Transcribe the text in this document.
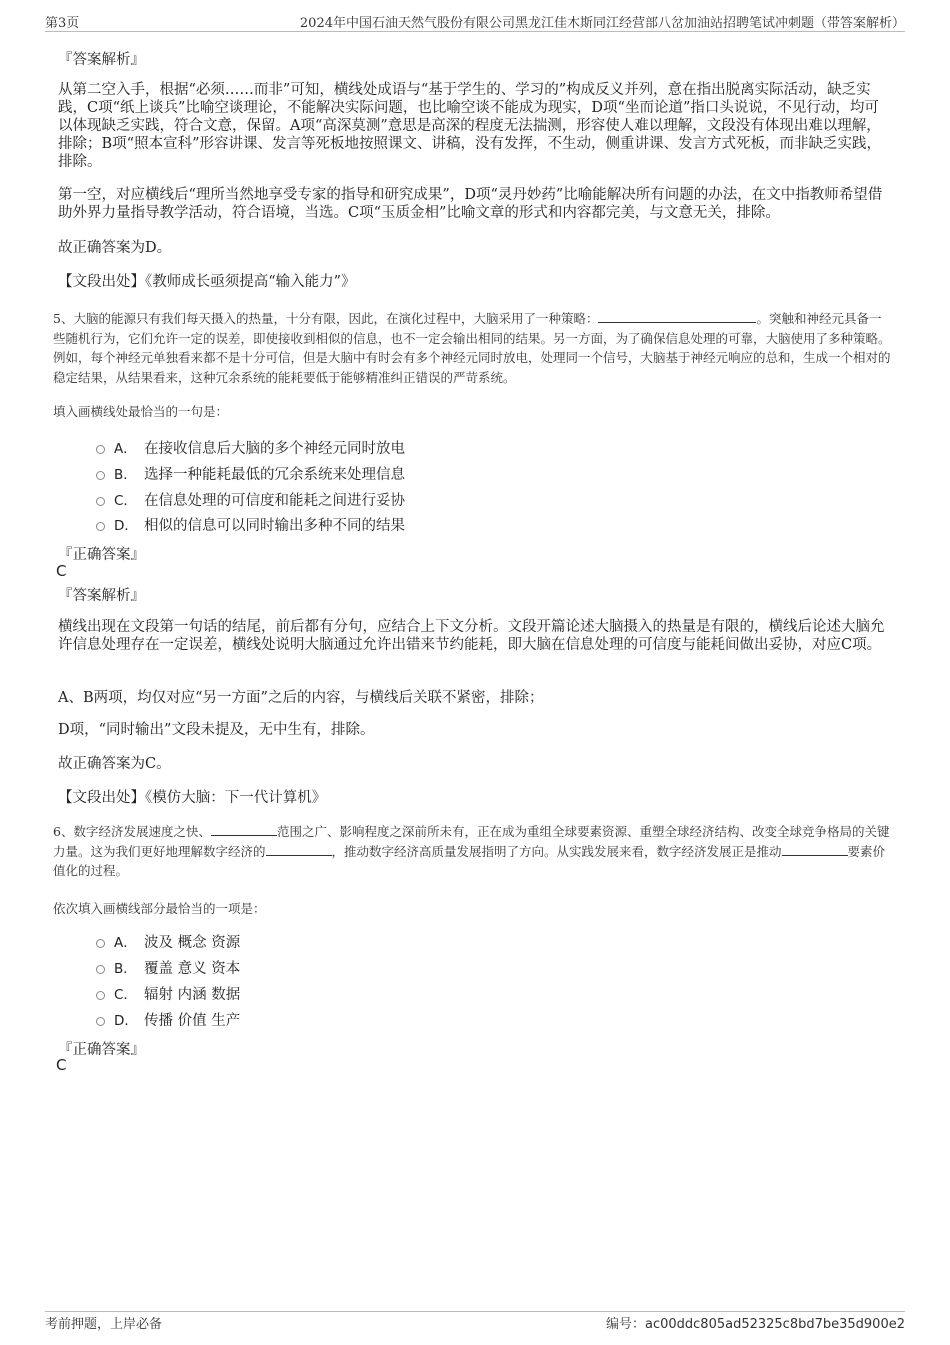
第3页	2024年中国石油天然气股份有限公司黑龙江佳木斯同江经营部八岔加油站招聘笔试冲刺题（带答案解析）
『答案解析』
从第二空入手，根据“必须……而非”可知，横线处成语与“基于学生的、学习的”构成反义并列，意在指出脱离实际活动，缺乏实践，C项“纸上谈兵”比喻空谈理论，不能解决实际问题，也比喻空谈不能成为现实，D项“坐而论道”指口头说说，不见行动，均可以体现缺乏实践，符合文意，保留。A项“高深莫测”意思是高深的程度无法揣测，形容使人难以理解，文段没有体现出难以理解，排除；B项“照本宣科”形容讲课、发言等死板地按照课文、讲稿，没有发挥，不生动，侧重讲课、发言方式死板，而非缺乏实践，排除。
第一空，对应横线后“理所当然地享受专家的指导和研究成果”，D项“灵丹妙药”比喻能解决所有问题的办法，在文中指教师希望借助外界力量指导教学活动，符合语境，当选。C项“玉质金相”比喻文章的形式和内容都完美，与文意无关，排除。
故正确答案为D。
【文段出处】《教师成长亟须提高“输入能力”》
5、大脑的能源只有我们每天摄入的热量，十分有限，因此，在演化过程中，大脑采用了一种策略：	。突触和神经元具备一些随机行为，它们允许一定的误差，即使接收到相似的信息，也不一定会输出相同的结果。另一方面，为了确保信息处理的可靠，大脑使用了多种策略。例如，每个神经元单独看来都不是十分可信，但是大脑中有时会有多个神经元同时放电，处理同一个信号，大脑基于神经元响应的总和，生成一个相对的稳定结果，从结果看来，这种冗余系统的能耗要低于能够精准纠正错误的严苛系统。
填入画横线处最恰当的一句是：
A． 在接收信息后大脑的多个神经元同时放电
B． 选择一种能耗最低的冗余系统来处理信息
C． 在信息处理的可信度和能耗之间进行妥协
D． 相似的信息可以同时输出多种不同的结果
『正确答案』
C
『答案解析』
横线出现在文段第一句话的结尾，前后都有分句，应结合上下文分析。文段开篇论述大脑摄入的热量是有限的，横线后论述大脑允许信息处理存在一定误差，横线处说明大脑通过允许出错来节约能耗，即大脑在信息处理的可信度与能耗间做出妥协，对应C项。
A、B两项，均仅对应“另一方面”之后的内容，与横线后关联不紧密，排除；
D项，“同时输出”文段未提及，无中生有，排除。
故正确答案为C。
【文段出处】《模仿大脑：下一代计算机》
6、数字经济发展速度之快、	范围之广、影响程度之深前所未有，正在成为重组全球要素资源、重塑全球经济结构、改变全球竞争格局的关键力量。这为我们更好地理解数字经济的	，推动数字经济高质量发展指明了方向。从实践发展来看，数字经济发展正是推动	要素价值化的过程。
依次填入画横线部分最恰当的一项是：
A． 波及 概念 资源
B． 覆盖 意义 资本
C． 辐射 内涵 数据
D． 传播 价值 生产
『正确答案』
C
考前押题，上岸必备	编号：ac00ddc805ad52325c8bd7be35d900e2
